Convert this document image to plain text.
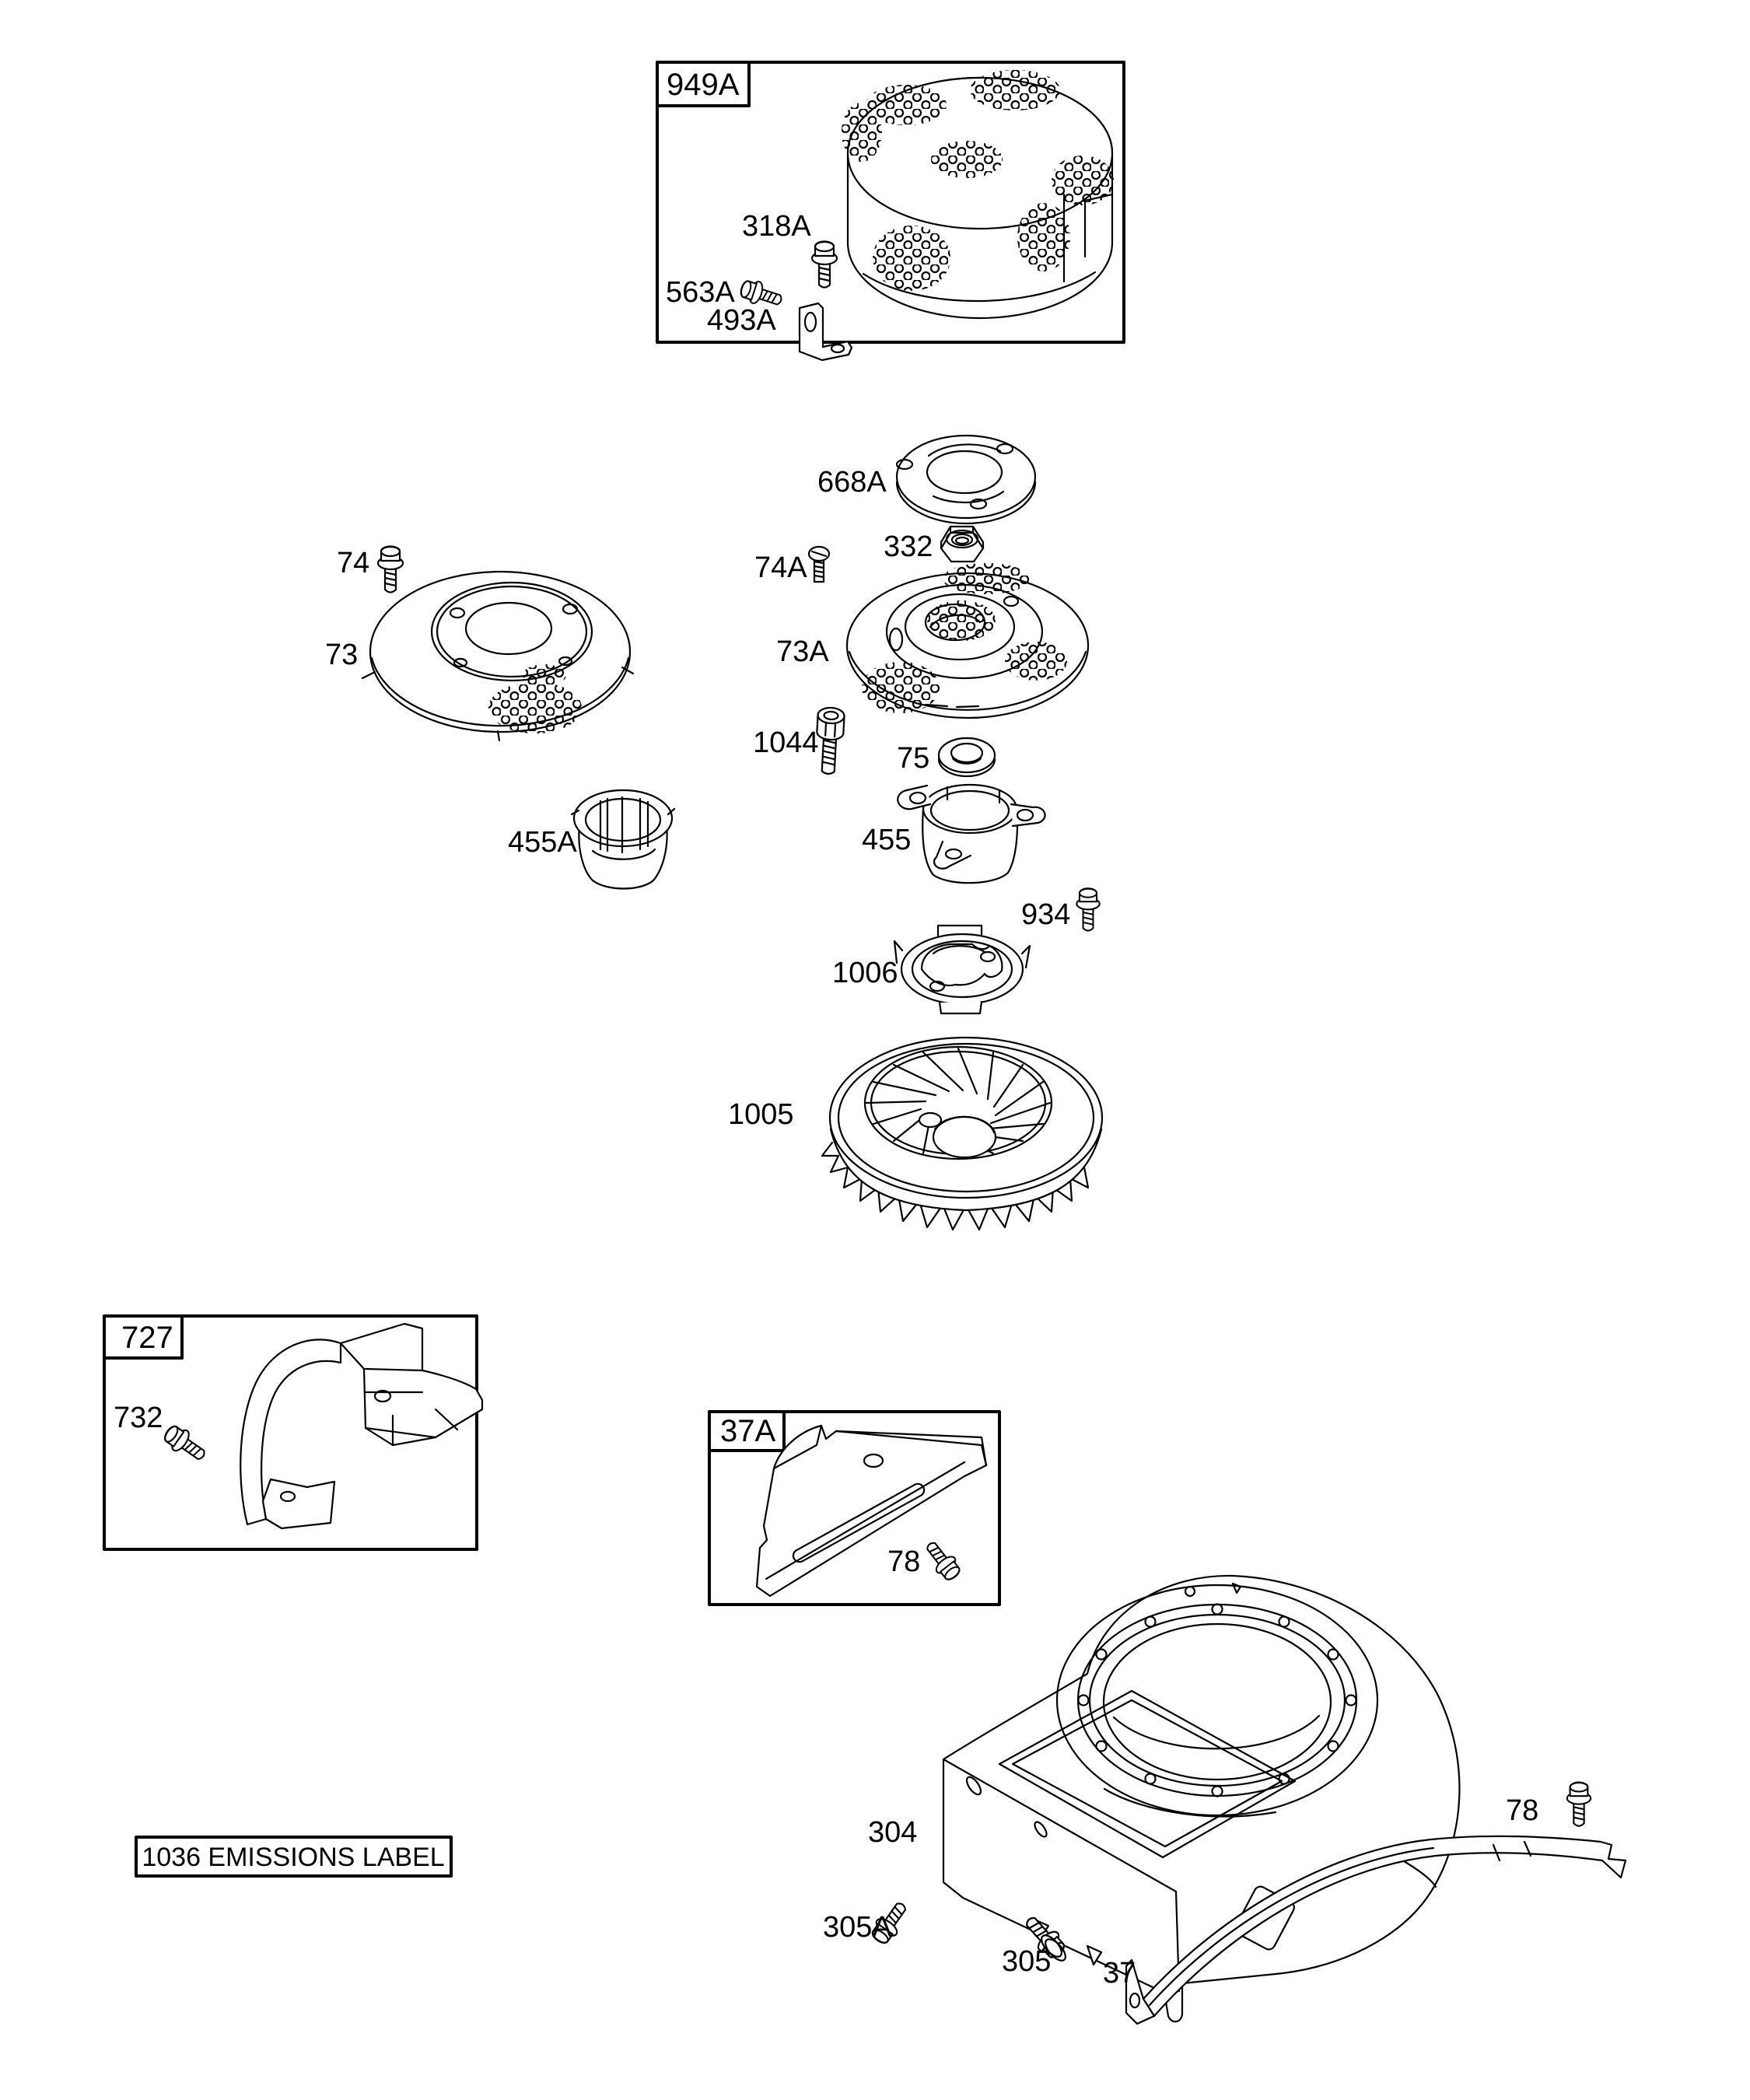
949A
318A
493A
563A
668A
332
74
73
74A
73A
1044	75
455A	455
934
1006
1005
727
732	37A
78
304
305A
305 37
78
1036 EMISSIONS LABEL
